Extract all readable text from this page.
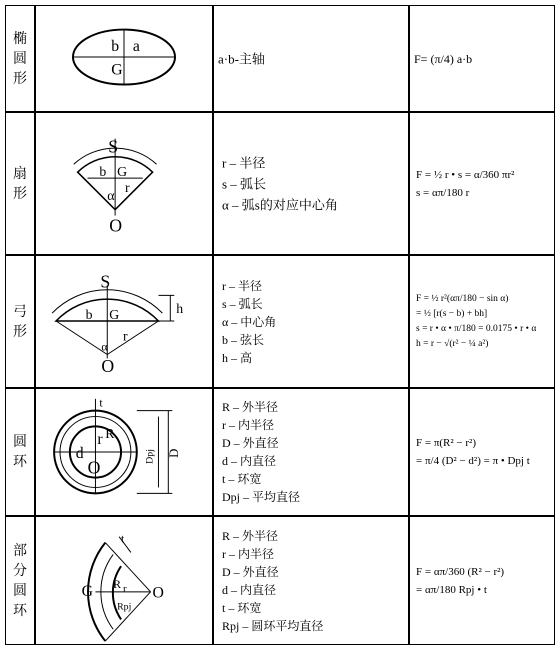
椭
圆
形
b a
G
a·b-主轴	F= (π/4) a·b
扇
形
S
b G
α
r
O
r – 半径
s – 弧长
α – 弧s的对应中心角
F = ½ r • s = α/360 πr²
s = απ/180 r
弓
形
S
b G
r
h
α
O
r – 半径
s – 弧长
α – 中心角
b – 弦长
h – 高
F = ½ r²(απ/180 − sin α)
= ½ [r(s − b) + bh]
s = r • α • π/180 = 0.0175 • r • α
h = r − √(r² − ¼ a²)
圆
环
r R
d
O
t
Dpj D
R – 外半径
r – 内半径
D – 外直径
d – 内直径
t – 环宽
Dpj – 平均直径
F = π(R² − r²)
= π/4 (D² − d²) = π • Dpj t
部
分
圆
环
t
G R r
Rpj
O
R – 外半径
r – 内半径
D – 外直径
d – 内直径
t – 环宽
Rpj – 圆环平均直径
F = απ/360 (R² − r²)
= απ/180 Rpj • t
